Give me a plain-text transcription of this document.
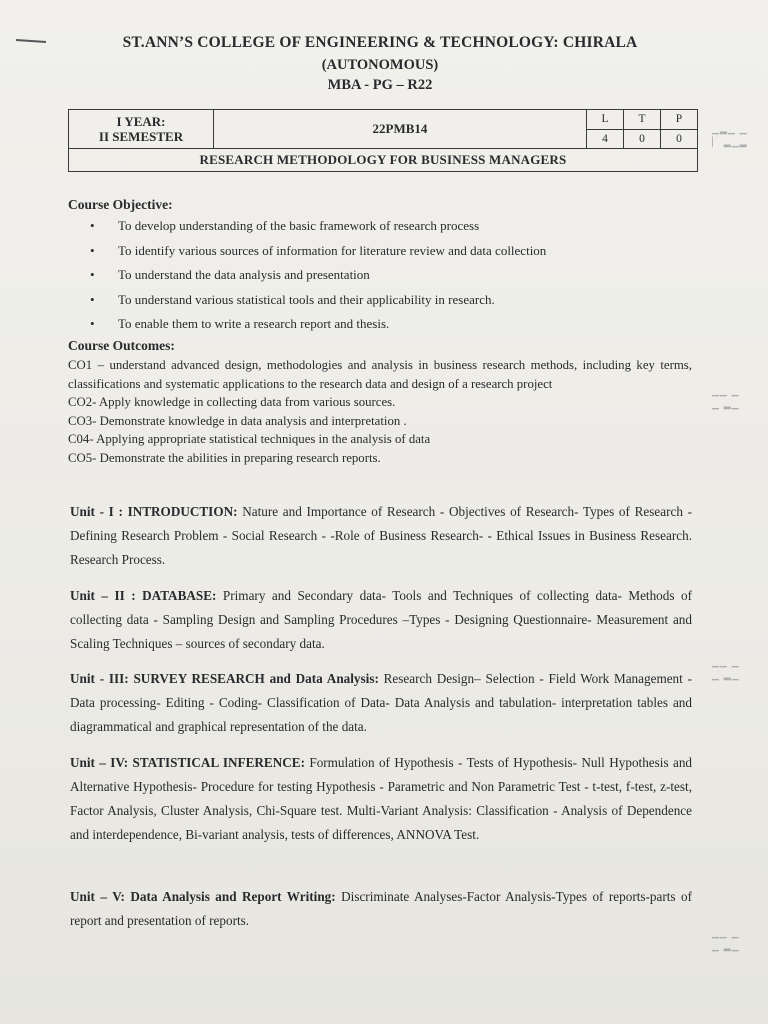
ST.ANN’S COLLEGE OF ENGINEERING & TECHNOLOGY: CHIRALA
(AUTONOMOUS)
MBA - PG – R22
I YEAR:
II SEMESTER	22PMB14	L	T	P
		4	0	0
RESEARCH METHODOLOGY FOR BUSINESS MANAGERS				
Course Objective:
• To develop understanding of the basic framework of research process
• To identify various sources of information for literature review and data collection
• To understand the data analysis and presentation
• To understand various statistical tools and their applicability in research.
• To enable them to write a research report and thesis.
Course Outcomes:

CO1 – understand advanced design, methodologies and analysis in business research methods, including key terms, classifications and systematic applications to the research data and design of a research project

CO2- Apply knowledge in collecting data from various sources.

CO3- Demonstrate knowledge in data analysis and interpretation .

C04- Applying appropriate statistical techniques in the analysis of data

CO5- Demonstrate the abilities in preparing research reports.

Unit - I : INTRODUCTION: Nature and Importance of Research - Objectives of Research- Types of Research - Defining Research Problem - Social Research - -Role of Business Research- - Ethical Issues in Business Research. Research Process.

Unit – II : DATABASE: Primary and Secondary data- Tools and Techniques of collecting data- Methods of collecting data - Sampling Design and Sampling Procedures –Types - Designing Questionnaire- Measurement and Scaling Techniques – sources of secondary data.

Unit - III: SURVEY RESEARCH and Data Analysis: Research Design– Selection - Field Work Management - Data processing- Editing - Coding- Classification of Data- Data Analysis and tabulation- interpretation tables and diagrammatical and graphical representation of the data.

Unit – IV: STATISTICAL INFERENCE: Formulation of Hypothesis - Tests of Hypothesis- Null Hypothesis and Alternative Hypothesis- Procedure for testing Hypothesis - Parametric and Non Parametric Test - t-test, f-test, z-test, Factor Analysis, Cluster Analysis, Chi-Square test. Multi-Variant Analysis: Classification - Analysis of Dependence and interdependence, Bi-variant analysis, tests of differences, ANNOVA Test.

Unit – V: Data Analysis and Report Writing: Discriminate Analyses-Factor Analysis-Types of reports-parts of report and presentation of reports.

▁▂▁ ▁
▏ ▂▁▂
▁▁ ▁
▁ ▂▁
▁▁ ▁
▁ ▂▁
▁▁ ▁
▁ ▂▁
